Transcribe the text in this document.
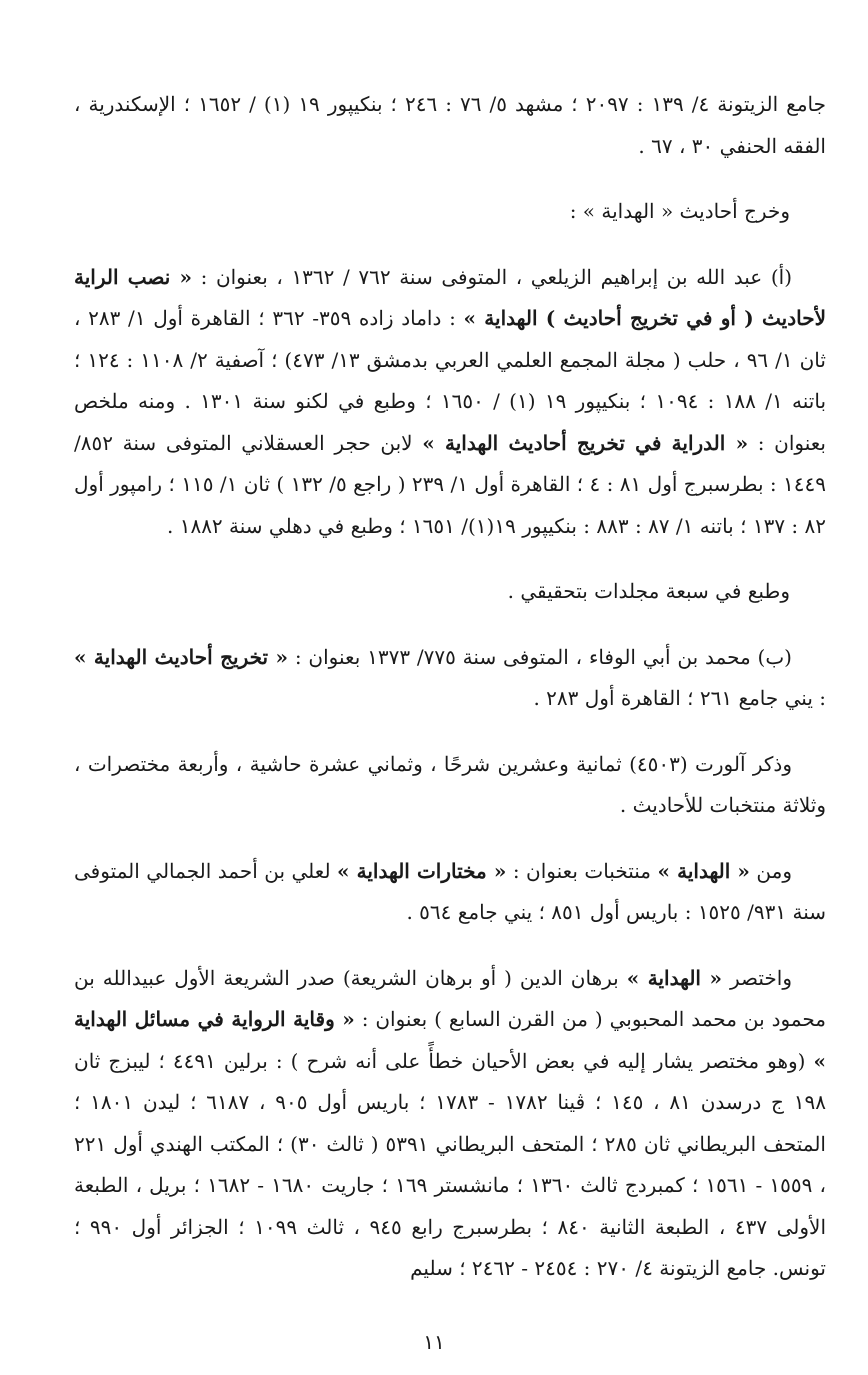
جامع الزيتونة ٤/ ١٣٩ : ٢٠٩٧ ؛ مشهد ٥/ ٧٦ : ٢٤٦ ؛ بنكيپور ١٩ (١) / ١٦٥٢ ؛ الإسكندرية ، الفقه الحنفي ٣٠ ، ٦٧ .

وخرج أحاديث « الهداية » :

(أ) عبد الله بن إبراهيم الزيلعي ، المتوفى سنة ٧٦٢ / ١٣٦٢ ، بعنوان : « نصب الراية لأحاديث ( أو في تخريج أحاديث ) الهداية » : داماد زاده ٣٥٩- ٣٦٢ ؛ القاهرة أول ١/ ٢٨٣ ، ثان ١/ ٩٦ ، حلب ( مجلة المجمع العلمي العربي بدمشق ١٣/ ٤٧٣) ؛ آصفية ٢/ ١١٠٨ : ١٢٤ ؛ باتنه ١/ ١٨٨ : ١٠٩٤ ؛ بنكيپور ١٩ (١) / ١٦٥٠ ؛ وطبع في لكنو سنة ١٣٠١ . ومنه ملخص بعنوان : « الدراية في تخريج أحاديث الهداية » لابن حجر العسقلاني المتوفى سنة ٨٥٢/ ١٤٤٩ : بطرسبرج أول ٨١ : ٤ ؛ القاهرة أول ١/ ٢٣٩ ( راجع ٥/ ١٣٢ ) ثان ١/ ١١٥ ؛ رامپور أول ٨٢ : ١٣٧ ؛ باتنه ١/ ٨٧ : ٨٨٣ : بنكيپور ١٩(١)/ ١٦٥١ ؛ وطبع في دهلي سنة ١٨٨٢ .

وطبع في سبعة مجلدات بتحقيقي .

(ب) محمد بن أبي الوفاء ، المتوفى سنة ٧٧٥/ ١٣٧٣ بعنوان : « تخريج أحاديث الهداية » : يني جامع ٢٦١ ؛ القاهرة أول ٢٨٣ .

وذكر آلورت (٤٥٠٣) ثمانية وعشرين شرحًا ، وثماني عشرة حاشية ، وأربعة مختصرات ، وثلاثة منتخبات للأحاديث .

ومن « الهداية » منتخبات بعنوان : « مختارات الهداية » لعلي بن أحمد الجمالي المتوفى سنة ٩٣١/ ١٥٢٥ : باريس أول ٨٥١ ؛ يني جامع ٥٦٤ .

واختصر « الهداية » برهان الدين ( أو برهان الشريعة) صدر الشريعة الأول عبيدالله بن محمود بن محمد المحبوبي ( من القرن السابع ) بعنوان : « وقاية الرواية في مسائل الهداية » (وهو مختصر يشار إليه في بعض الأحيان خطأً على أنه شرح ) : برلين ٤٤٩١ ؛ ليبزج ثان ١٩٨ ج درسدن ٨١ ، ١٤٥ ؛ ڤينا ١٧٨٢ - ١٧٨٣ ؛ باريس أول ٩٠٥ ، ٦١٨٧ ؛ ليدن ١٨٠١ ؛ المتحف البريطاني ثان ٢٨٥ ؛ المتحف البريطاني ٥٣٩١ ( ثالث ٣٠) ؛ المكتب الهندي أول ٢٢١ ، ١٥٥٩ - ١٥٦١ ؛ كمبردج ثالث ١٣٦٠ ؛ مانشستر ١٦٩ ؛ جاريت ١٦٨٠ - ١٦٨٢ ؛ بريل ، الطبعة الأولى ٤٣٧ ، الطبعة الثانية ٨٤٠ ؛ بطرسبرج رابع ٩٤٥ ، ثالث ١٠٩٩ ؛ الجزائر أول ٩٩٠ ؛ تونس. جامع الزيتونة ٤/ ٢٧٠ : ٢٤٥٤ - ٢٤٦٢ ؛ سليم

١١
